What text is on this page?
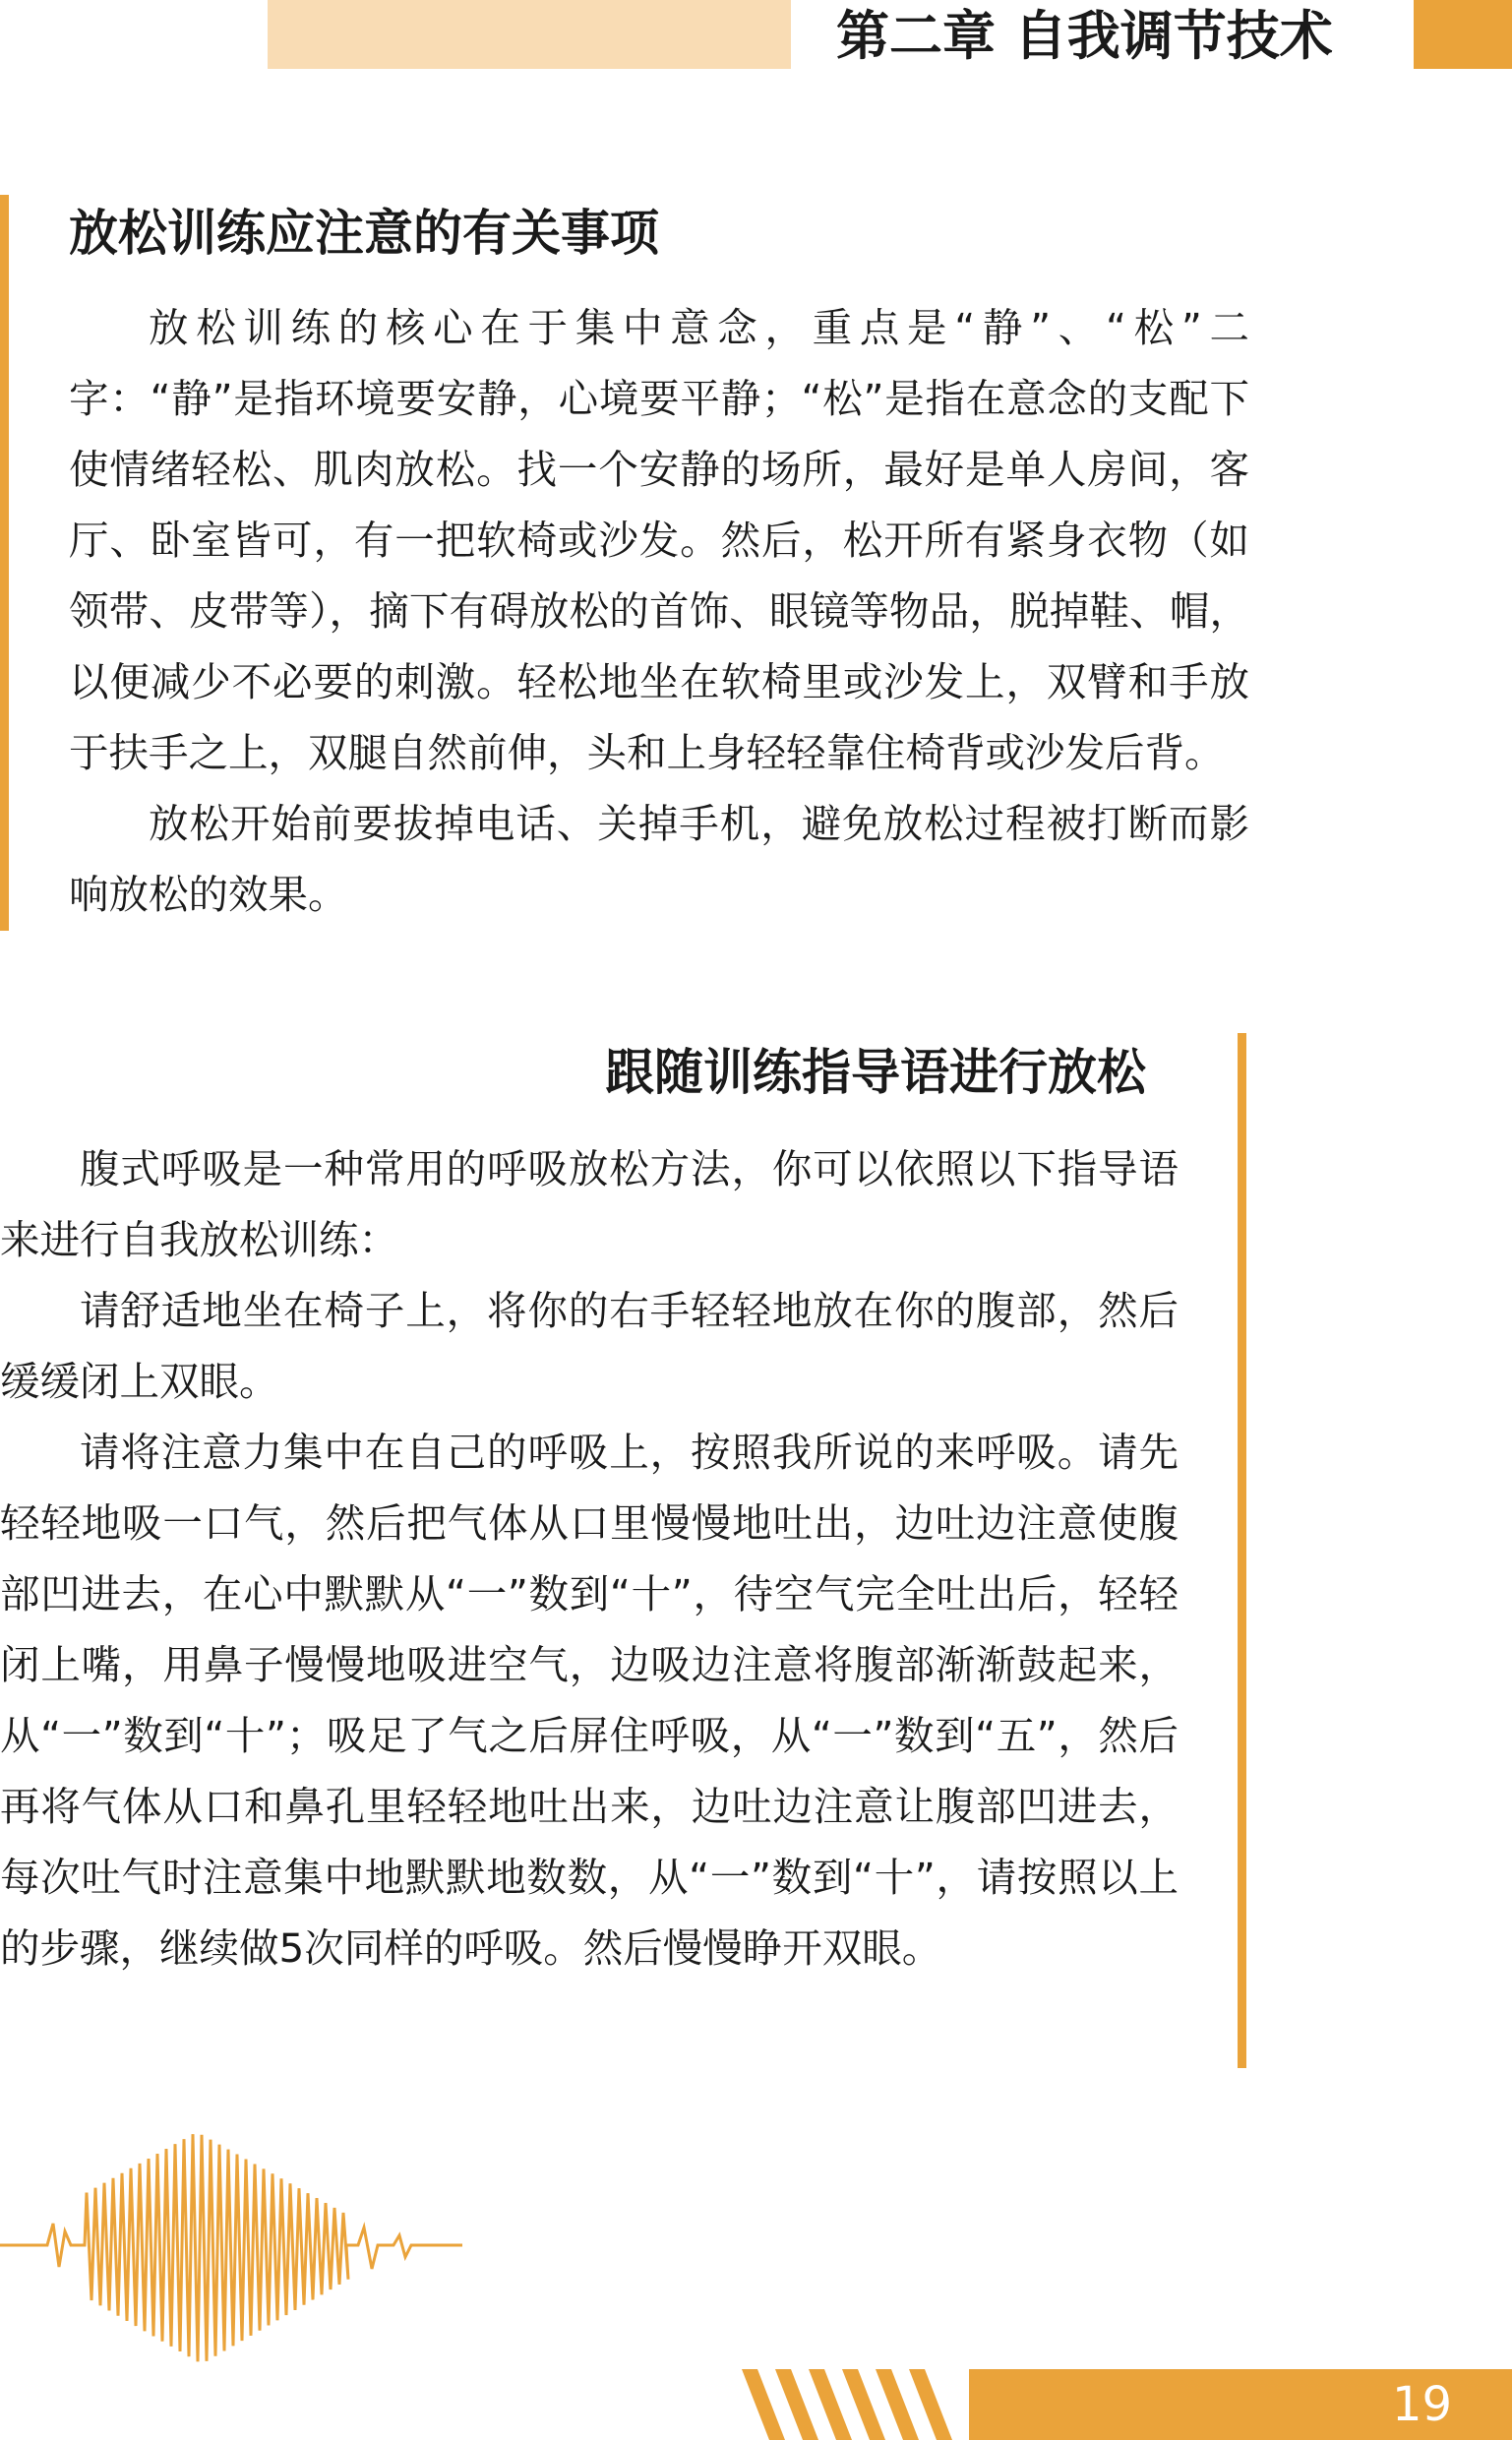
第二章 自我调节技术
放松训练应注意的有关事项

放松训练的核心在于集中意念，重点是“静”、“松”二字：“静”是指环境要安静，心境要平静；“松”是指在意念的支配下使情绪轻松、肌肉放松。找一个安静的场所，最好是单人房间，客厅、卧室皆可，有一把软椅或沙发。然后，松开所有紧身衣物（如领带、皮带等），摘下有碍放松的首饰、眼镜等物品，脱掉鞋、帽，以便减少不必要的刺激。轻松地坐在软椅里或沙发上，双臂和手放于扶手之上，双腿自然前伸，头和上身轻轻靠住椅背或沙发后背。

放松开始前要拔掉电话、关掉手机，避免放松过程被打断而影响放松的效果。

跟随训练指导语进行放松

腹式呼吸是一种常用的呼吸放松方法，你可以依照以下指导语来进行自我放松训练：

请舒适地坐在椅子上，将你的右手轻轻地放在你的腹部，然后缓缓闭上双眼。

请将注意力集中在自己的呼吸上，按照我所说的来呼吸。请先轻轻地吸一口气，然后把气体从口里慢慢地吐出，边吐边注意使腹部凹进去，在心中默默从“一”数到“十”，待空气完全吐出后，轻轻闭上嘴，用鼻子慢慢地吸进空气，边吸边注意将腹部渐渐鼓起来，从“一”数到“十”；吸足了气之后屏住呼吸，从“一”数到“五”，然后再将气体从口和鼻孔里轻轻地吐出来，边吐边注意让腹部凹进去，每次吐气时注意集中地默默地数数，从“一”数到“十”，请按照以上的步骤，继续做5次同样的呼吸。然后慢慢睁开双眼。

19
